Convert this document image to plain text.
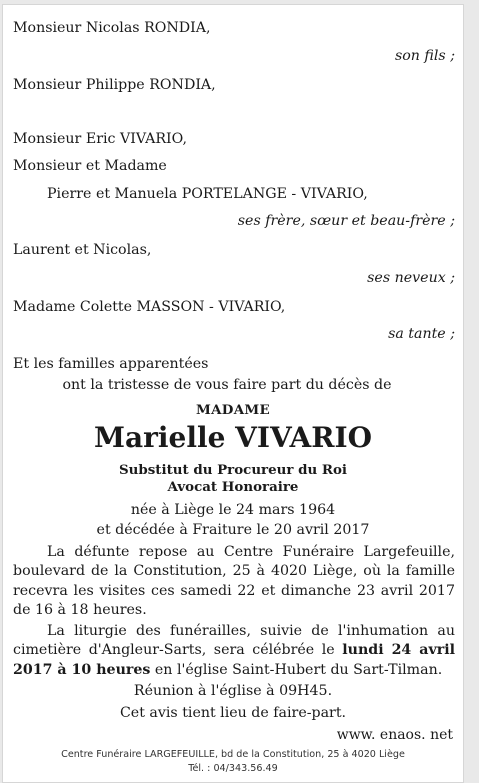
Monsieur Nicolas RONDIA,
son fils ;
Monsieur Philippe RONDIA,
Monsieur Eric VIVARIO,
Monsieur et Madame
Pierre et Manuela PORTELANGE - VIVARIO,
ses frère, sœur et beau-frère ;
Laurent et Nicolas,
ses neveux ;
Madame Colette MASSON - VIVARIO,
sa tante ;
Et les familles apparentées
ont la tristesse de vous faire part du décès de
MADAME
Marielle VIVARIO
Substitut du Procureur du Roi
Avocat Honoraire
née à Liège le 24 mars 1964
et décédée à Fraiture le 20 avril 2017
La défunte repose au Centre Funéraire Largefeuille, boulevard de la Constitution, 25 à 4020 Liège, où la famille recevra les visites ces samedi 22 et dimanche 23 avril 2017 de 16 à 18 heures.
La liturgie des funérailles, suivie de l'inhumation au cimetière d'Angleur-Sarts, sera célébrée le lundi 24 avril 2017 à 10 heures en l'église Saint-Hubert du Sart-Tilman.
Réunion à l'église à 09H45.
Cet avis tient lieu de faire-part.
www. enaos. net
Centre Funéraire LARGEFEUILLE, bd de la Constitution, 25 à 4020 Liège
Tél. : 04/343.56.49
